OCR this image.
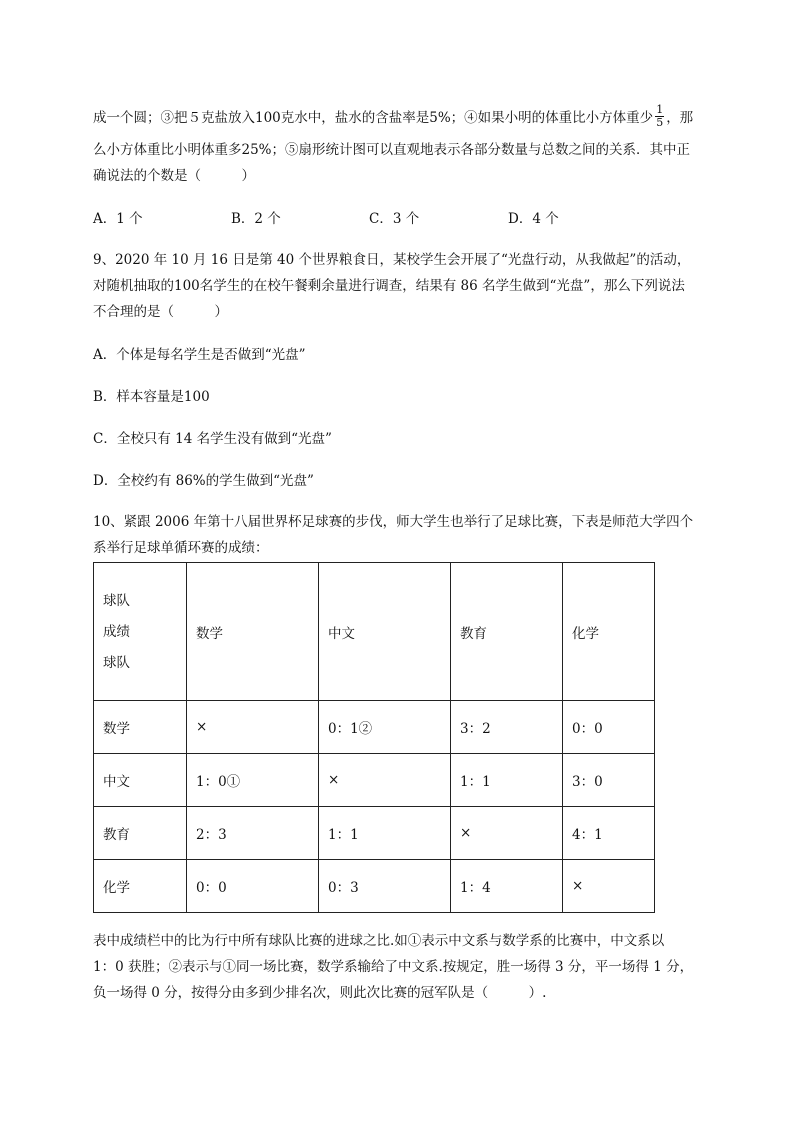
成一个圆；③把５克盐放入100克水中，盐水的含盐率是5%；④如果小明的体重比小方体重少 $\frac{1}{5}$ ，那
么小方体重比小明体重多25%；⑤扇形统计图可以直观地表示各部分数量与总数之间的关系．其中正
确说法的个数是（　　　）
A．1 个	B．2 个	C．3 个	D．4 个
9、2020 年 10 月 16 日是第 40 个世界粮食日，某校学生会开展了“光盘行动，从我做起”的活动，
对随机抽取的100名学生的在校午餐剩余量进行调查，结果有 86 名学生做到“光盘”，那么下列说法
不合理的是（　　　）
A．个体是每名学生是否做到“光盘”
B．样本容量是100
C．全校只有 14 名学生没有做到“光盘”
D．全校约有 86%的学生做到“光盘”
10、紧跟 2006 年第十八届世界杯足球赛的步伐，师大学生也举行了足球比赛，下表是师范大学四个
系举行足球单循环赛的成绩：
球队
成绩
球队	数学	中文	教育	化学
数学	×	0：1②	3：2	0：0
中文	1：0①	×	1：1	3：0
教育	2：3	1：1	×	4：1
化学	0：0	0：3	1：4	×
表中成绩栏中的比为行中所有球队比赛的进球之比.如①表示中文系与数学系的比赛中，中文系以
1：0 获胜；②表示与①同一场比赛，数学系输给了中文系.按规定，胜一场得 3 分，平一场得 1 分，
负一场得 0 分，按得分由多到少排名次，则此次比赛的冠军队是（　　　）.
